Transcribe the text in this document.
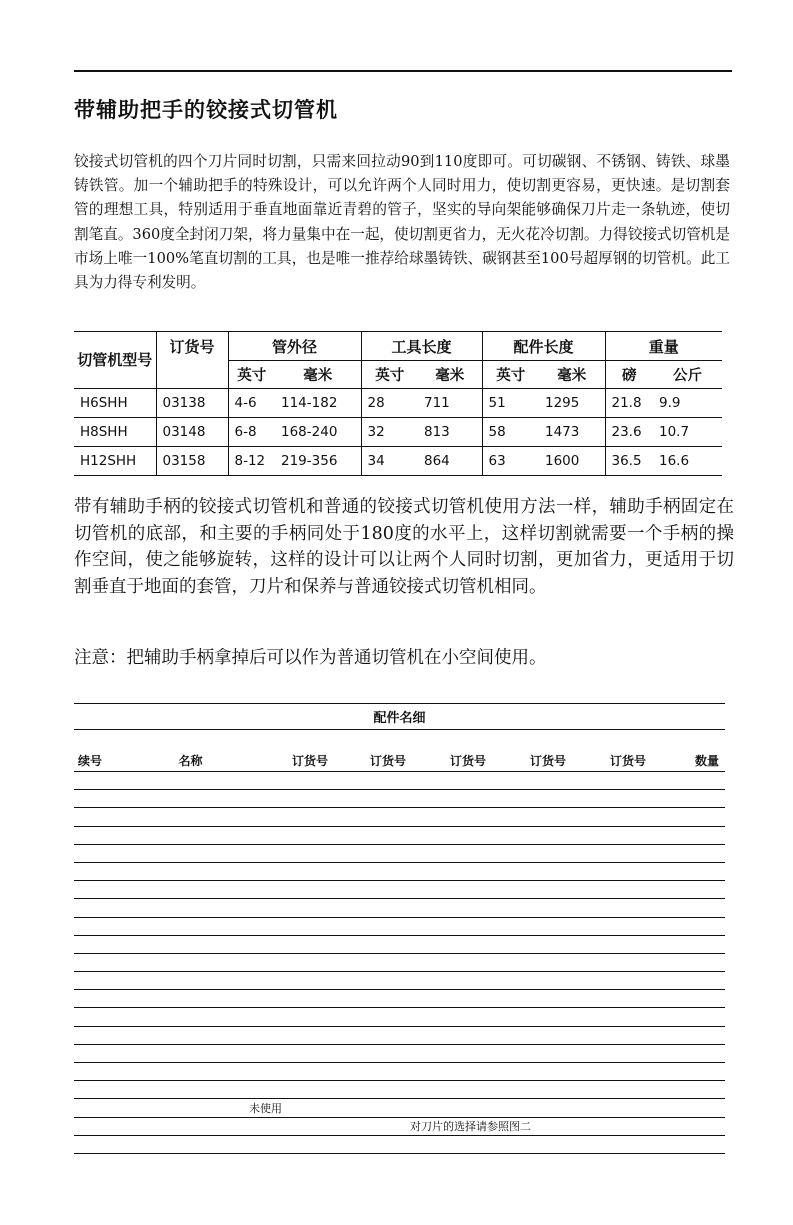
带辅助把手的铰接式切管机
铰接式切管机的四个刀片同时切割，只需来回拉动90到110度即可。可切碳钢、不锈钢、铸铁、球墨铸铁管。加一个辅助把手的特殊设计，可以允许两个人同时用力，使切割更容易，更快速。是切割套管的理想工具，特别适用于垂直地面靠近青碧的管子，坚实的导向架能够确保刀片走一条轨迹，使切割笔直。360度全封闭刀架，将力量集中在一起，使切割更省力，无火花冷切割。力得铰接式切管机是市场上唯一100%笔直切割的工具，也是唯一推荐给球墨铸铁、碳钢甚至100号超厚钢的切管机。此工具为力得专利发明。
切管机型号	订货号	管外径		工具长度		配件长度		重量	
		英寸	毫米	英寸	毫米	英寸	毫米	磅	公斤
H6SHH	03138	4-6	114-182	28	711	51	1295	21.8	9.9
H8SHH	03148	6-8	168-240	32	813	58	1473	23.6	10.7
H12SHH	03158	8-12	219-356	34	864	63	1600	36.5	16.6
带有辅助手柄的铰接式切管机和普通的铰接式切管机使用方法一样，辅助手柄固定在切管机的底部，和主要的手柄同处于180度的水平上，这样切割就需要一个手柄的操作空间，使之能够旋转，这样的设计可以让两个人同时切割，更加省力，更适用于切割垂直于地面的套管，刀片和保养与普通铰接式切管机相同。
注意：把辅助手柄拿掉后可以作为普通切管机在小空间使用。
配件名细							
续号	名称	订货号	订货号	订货号	订货号	订货号	数量

		未使用					
				对刀片的选择请参照图二			
